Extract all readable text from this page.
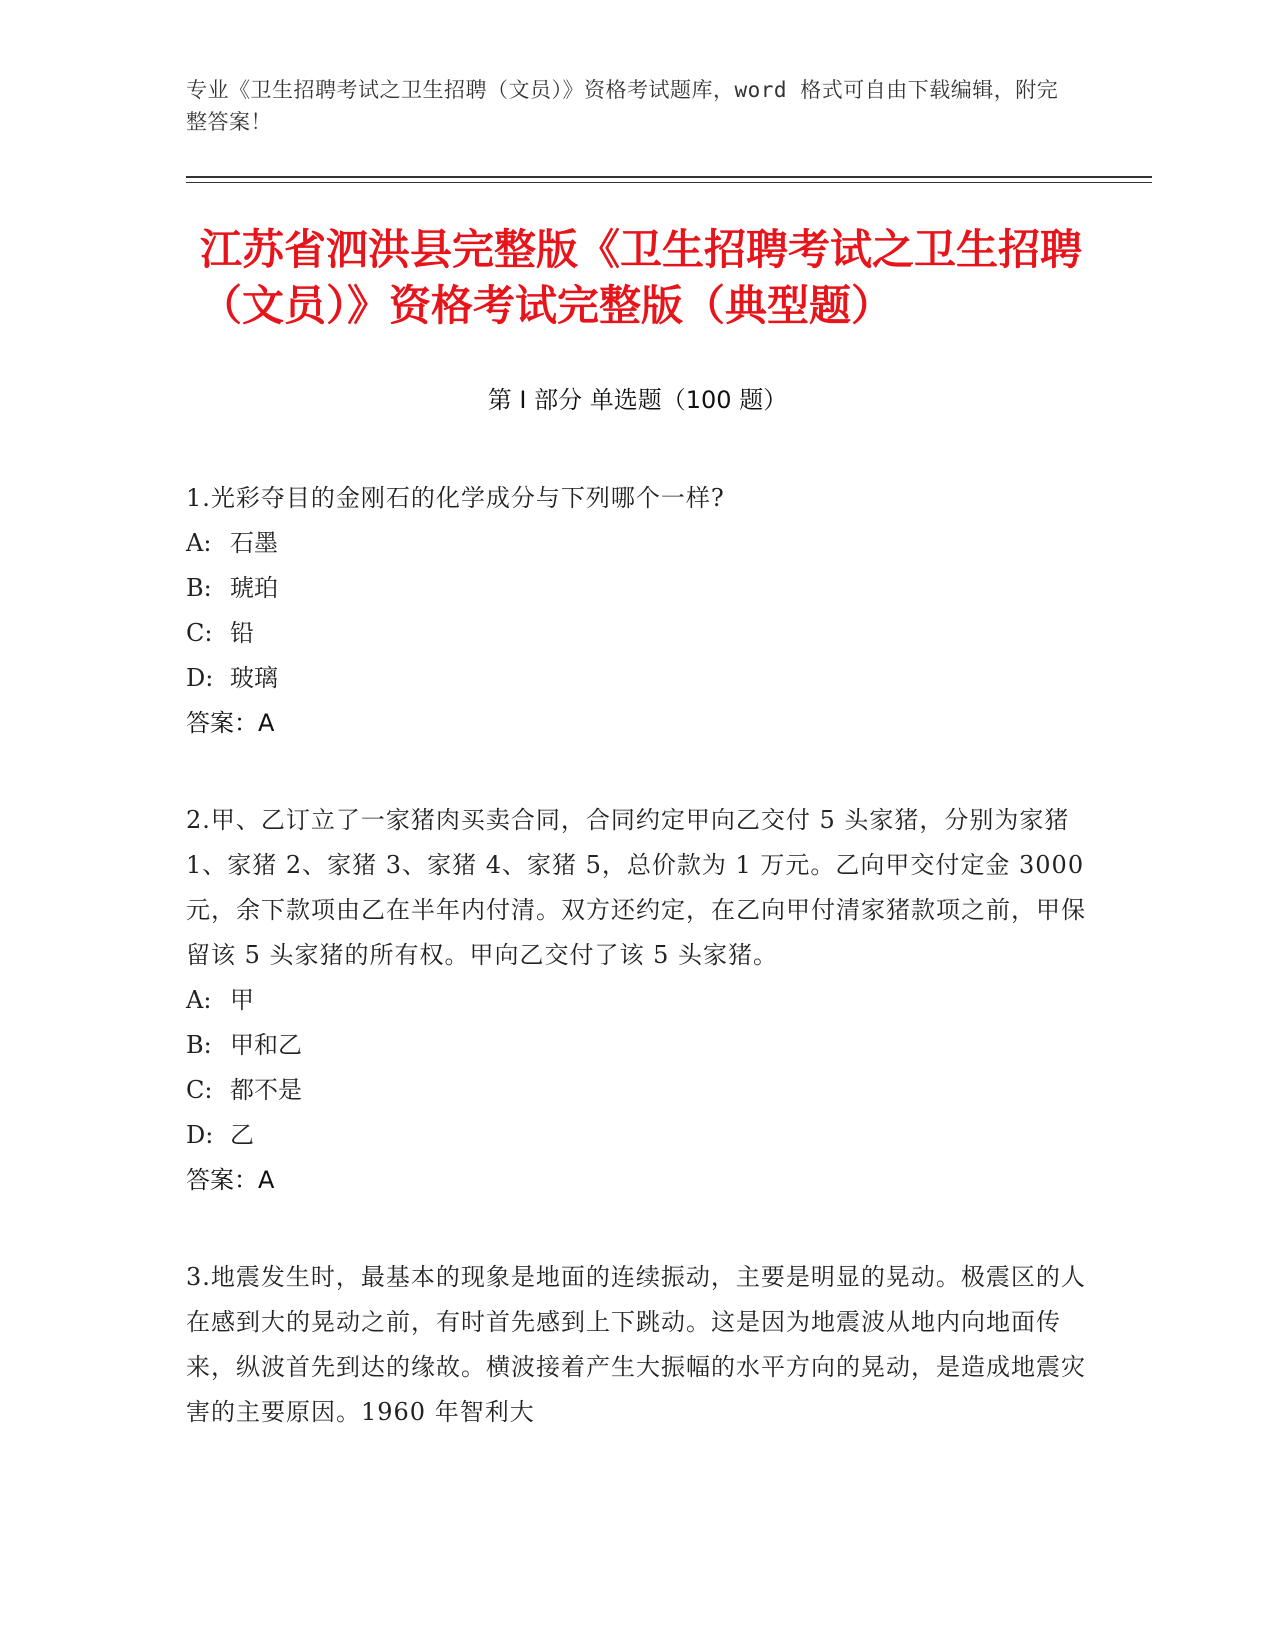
专业《卫生招聘考试之卫生招聘（文员）》资格考试题库，word 格式可自由下载编辑，附完整答案！
江苏省泗洪县完整版《卫生招聘考试之卫生招聘（文员）》资格考试完整版（典型题）
第 I 部分 单选题（100 题）
1.光彩夺目的金刚石的化学成分与下列哪个一样?
A: 石墨
B: 琥珀
C: 铅
D: 玻璃
答案：A
2.甲、乙订立了一家猪肉买卖合同，合同约定甲向乙交付 5 头家猪，分别为家猪 1、家猪 2、家猪 3、家猪 4、家猪 5，总价款为 1 万元。乙向甲交付定金 3000 元，余下款项由乙在半年内付清。双方还约定，在乙向甲付清家猪款项之前，甲保留该 5 头家猪的所有权。甲向乙交付了该 5 头家猪。
A: 甲
B: 甲和乙
C: 都不是
D: 乙
答案：A
3.地震发生时，最基本的现象是地面的连续振动，主要是明显的晃动。极震区的人在感到大的晃动之前，有时首先感到上下跳动。这是因为地震波从地内向地面传来，纵波首先到达的缘故。横波接着产生大振幅的水平方向的晃动，是造成地震灾害的主要原因。1960 年智利大
